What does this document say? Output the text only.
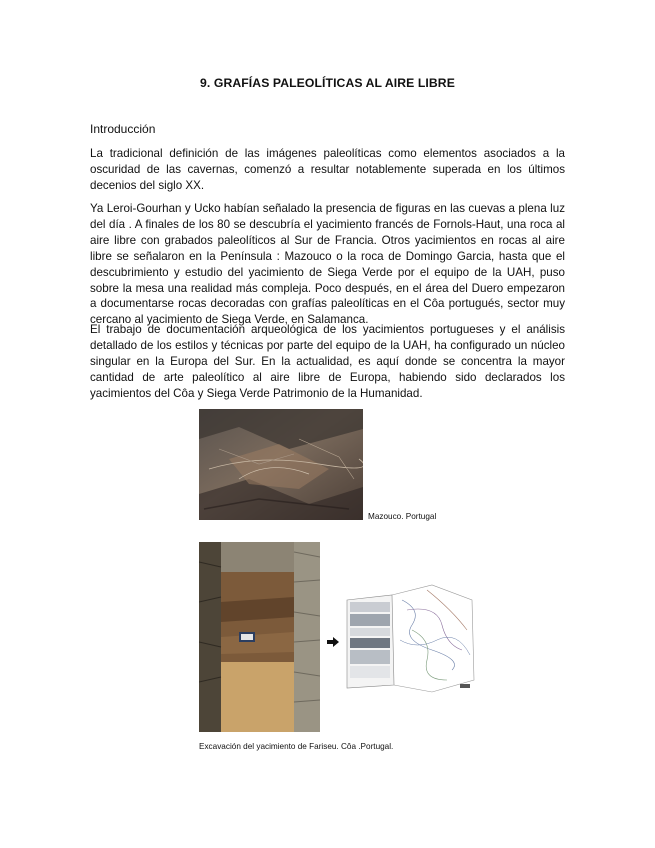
9. GRAFÍAS PALEOLÍTICAS AL AIRE LIBRE
Introducción

La tradicional definición de las imágenes paleolíticas como elementos asociados a la oscuridad de las cavernas, comenzó a resultar notablemente superada en los últimos decenios del siglo XX.

Ya Leroi-Gourhan y Ucko habían señalado la presencia de figuras en las cuevas a plena luz del día . A finales de los 80 se descubría el yacimiento francés de Fornols-Haut, una roca al aire libre con grabados paleolíticos al Sur de Francia. Otros yacimientos en rocas al aire libre se señalaron en la Península : Mazouco o la roca de Domingo Garcia, hasta que el descubrimiento y estudio del yacimiento de Siega Verde por el equipo de la UAH, puso sobre la mesa una realidad más compleja. Poco después, en el área del Duero empezaron a documentarse rocas decoradas con grafías paleolíticas en el Côa portugués, sector muy cercano al yacimiento de Siega Verde, en Salamanca.

El trabajo de documentación arqueológica de los yacimientos portugueses y el análisis detallado de los estilos y técnicas por parte del equipo de la UAH, ha configurado un núcleo singular en la Europa del Sur. En la actualidad, es aquí donde se concentra la mayor cantidad de arte paleolítico al aire libre de Europa, habiendo sido declarados los yacimientos del Côa y Siega Verde Patrimonio de la Humanidad.

Mazouco. Portugal
Excavación del yacimiento de Fariseu. Côa .Portugal.
